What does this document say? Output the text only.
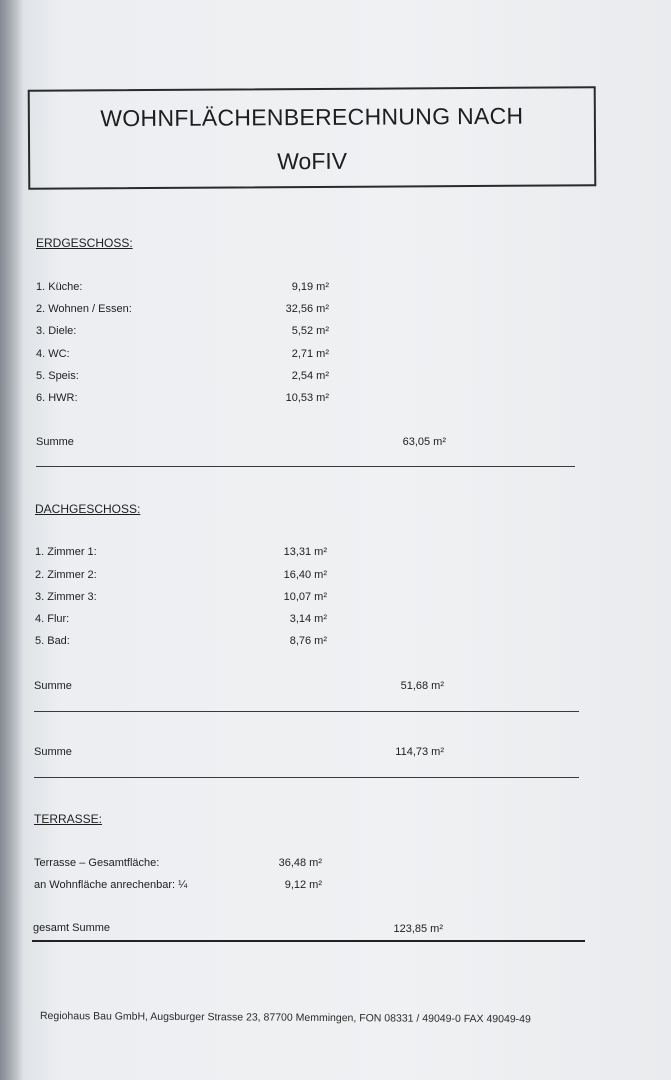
WOHNFLÄCHENBERECHNUNG NACH
WoFIV
ERDGESCHOSS:
1. Küche:	9,19 m²
2. Wohnen / Essen:	32,56 m²
3. Diele:	5,52 m²
4. WC:	2,71 m²
5. Speis:	2,54 m²
6. HWR:	10,53 m²
Summe	63,05 m²
DACHGESCHOSS:
1. Zimmer 1:	13,31 m²
2. Zimmer 2:	16,40 m²
3. Zimmer 3:	10,07 m²
4. Flur:	3,14 m²
5. Bad:	8,76 m²
Summe	51,68 m²
Summe	114,73 m²
TERRASSE:
Terrasse – Gesamtfläche:	36,48 m²
an Wohnfläche anrechenbar: ¼	9,12 m²
gesamt Summe	123,85 m²
Regiohaus Bau GmbH, Augsburger Strasse 23, 87700 Memmingen, FON 08331 / 49049-0 FAX 49049-49
